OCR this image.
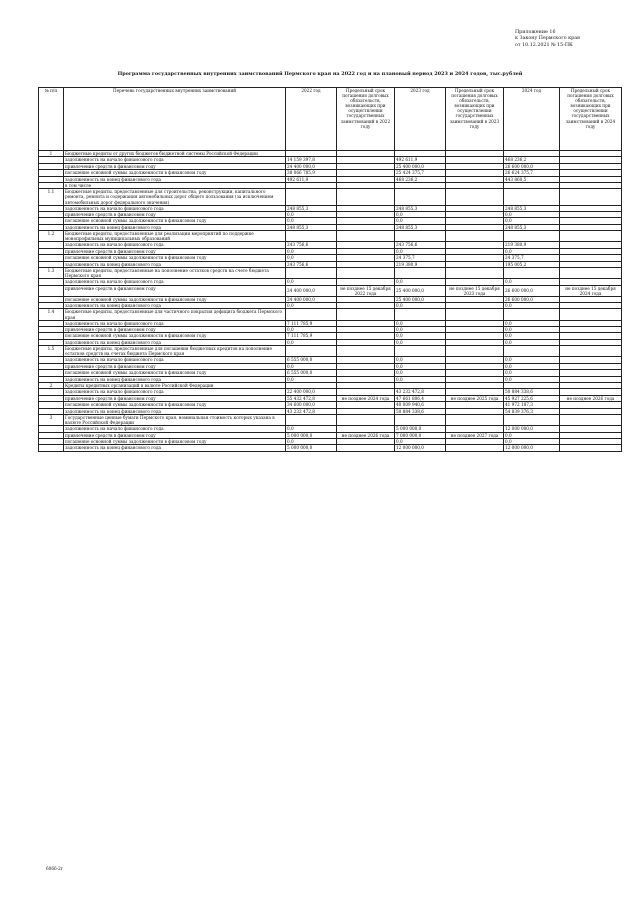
Приложение 16
к Закону Пермского края
от 10.12.2021 № 15-ПК
Программа государственных внутренних заимствований Пермского края на 2022 год и на плановый период 2023 и 2024 годов, тыс.рублей
№ п/п	Перечень государственных внутренних заимствований	2022 год	Предельный срок погашения долговых обязательств, возникающих при осуществлении государственных заимствований в 2022 году	2023 год	Предельный срок погашения долговых обязательств, возникающих при осуществлении государственных заимствований в 2023 году	2024 год	Предельный срок погашения долговых обязательств, возникающих при осуществлении государственных заимствований в 2024 году
1	Бюджетные кредиты от других бюджетов бюджетной системы Российской Федерации						
	задолженность на начало финансового года	14 159 397,8		492 611,9		468 236,2	
	привлечение средств в финансовом году	24 400 000,0		25 400 000,0		26 600 000,0	
	погашение основной суммы задолженности в финансовом году	38 066 785,9		25 424 375,7		26 624 375,7	
	задолженность на конец финансового года	492 611,9		468 236,2		443 860,5	
	в том числе						
1.1	Бюджетные кредиты, предоставленные для строительства, реконструкции, капитального ремонта, ремонта и содержания автомобильных дорог общего пользования (за исключением автомобильных дорог федерального значения)						
	задолженность на начало финансового года	248 855,3		248 855,3		248 855,3	
	привлечение средств в финансовом году	0,0		0,0		0,0	
	погашение основной суммы задолженности в финансовом году	0,0		0,0		0,0	
	задолженность на конец финансового года	248 855,3		248 855,3		248 855,3	
1.2	Бюджетные кредиты, предоставленные для реализации мероприятий по поддержке монопрофильных муниципальных образований						
	задолженность на начало финансового года	243 756,6		243 756,6		219 380,9	
	привлечение средств в финансовом году	0,0		0,0		0,0	
	погашение основной суммы задолженности в финансовом году	0,0		24 375,7		24 375,7	
	задолженность на конец финансового года	243 756,6		219 380,9		195 005,2	
1.3	Бюджетные кредиты, предоставленные на пополнение остатков средств на счете бюджета Пермского края						
	задолженность на начало финансового года	0,0		0,0		0,0	
	привлечение средств в финансовом году	24 400 000,0	не позднее 15 декабря 2022 года	25 400 000,0	не позднее 15 декабря 2023 года	26 600 000,0	не позднее 15 декабря 2024 года
	погашение основной суммы задолженности в финансовом году	24 400 000,0		25 400 000,0		26 600 000,0	
	задолженность на конец финансового года	0,0		0,0		0,0	
1.4	Бюджетные кредиты, предоставленные для частичного покрытия дефицита бюджета Пермского края						
	задолженность на начало финансового года	7 111 785,9		0,0		0,0	
	привлечение средств в финансовом году	0,0		0,0		0,0	
	погашение основной суммы задолженности в финансовом году	7 111 785,9		0,0		0,0	
	задолженность на конец финансового года	0,0		0,0		0,0	
1.5	Бюджетные кредиты, предоставленные для погашения бюджетных кредитов на пополнение остатков средств на счетах бюджета Пермского края						
	задолженность на начало финансового года	6 555 000,0		0,0		0,0	
	привлечение средств в финансовом году	0,0		0,0		0,0	
	погашение основной суммы задолженности в финансовом году	6 555 000,0		0,0		0,0	
	задолженность на конец финансового года	0,0		0,0		0,0	
2	Кредиты кредитных организаций в валюте Российской Федерации						
	задолженность на начало финансового года	22 400 000,0		43 232 472,8		50 884 338,6	
	привлечение средств в финансовом году	55 432 472,8	не позднее 2024 года	47 661 806,4	не позднее 2025 года	45 927 225,6	не позднее 2026 года
	погашение основной суммы задолженности в финансовом году	34 600 000,0		40 009 940,6		41 972 187,3	
	задолженность на конец финансового года	43 232 472,8		50 884 338,6		54 839 376,3	
3	Государственные ценные бумаги Пермского края, номинальная стоимость которых указана в валюте Российской Федерации						
	задолженность на начало финансового года	0,0		5 000 000,0		12 000 000,0	
	привлечение средств в финансовом году	5 000 000,0	не позднее 2026 года	7 000 000,0	не позднее 2027 года	0,0	
	погашение основной суммы задолженности в финансовом году	0,0		0,0		0,0	
	задолженность на конец финансового года	5 000 000,0		12 000 000,0		12 000 000,0	
6066-2г
